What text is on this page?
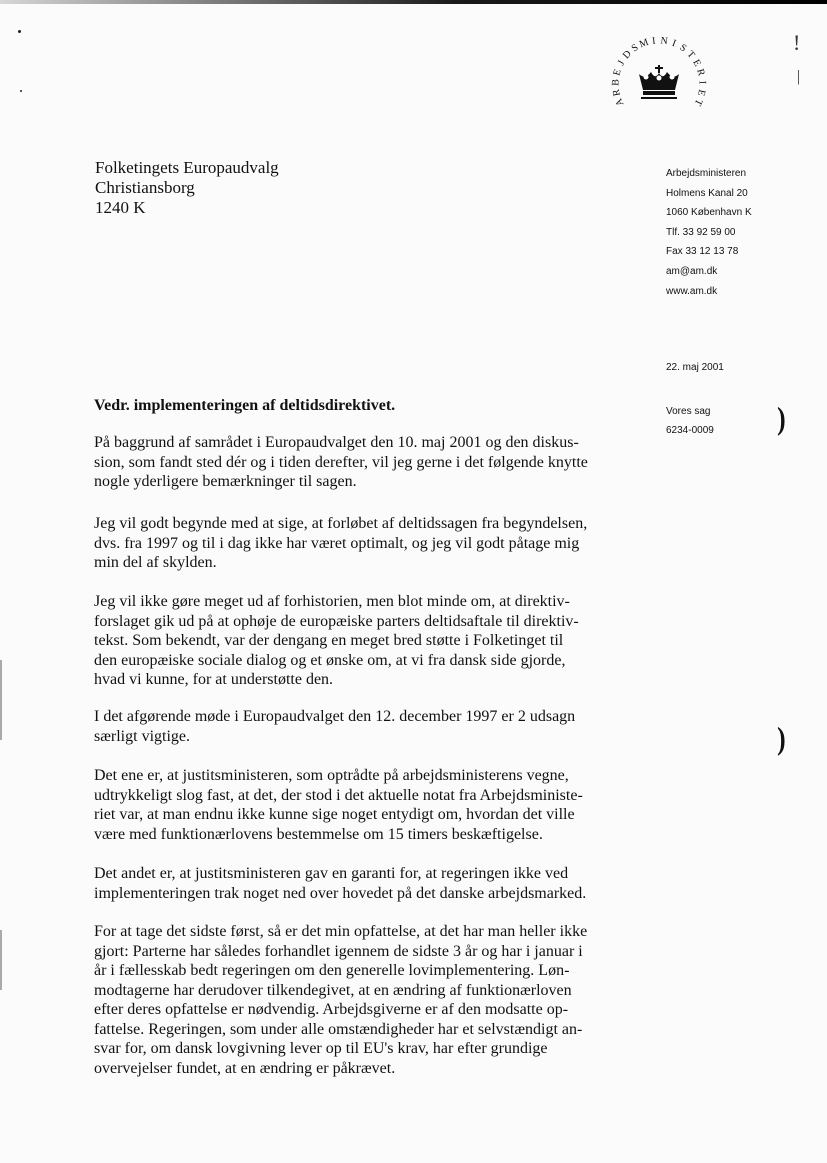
A
R
B
E
J
D
S
M I N I S
T
E
R
I
E
T
Folketingets Europaudvalg
Christiansborg
1240 K
Arbejdsministeren
Holmens Kanal 20
1060 København K
Tlf. 33 92 59 00
Fax 33 12 13 78
am@am.dk
www.am.dk
22. maj 2001
Vores sag
6234-0009
Vedr. implementeringen af deltidsdirektivet.
På baggrund af samrådet i Europaudvalget den 10. maj 2001 og den diskus-
sion, som fandt sted dér og i tiden derefter, vil jeg gerne i det følgende knytte
nogle yderligere bemærkninger til sagen.
Jeg vil godt begynde med at sige, at forløbet af deltidssagen fra begyndelsen,
dvs. fra 1997 og til i dag ikke har været optimalt, og jeg vil godt påtage mig
min del af skylden.
Jeg vil ikke gøre meget ud af forhistorien, men blot minde om, at direktiv-
forslaget gik ud på at ophøje de europæiske parters deltidsaftale til direktiv-
tekst. Som bekendt, var der dengang en meget bred støtte i Folketinget til
den europæiske sociale dialog og et ønske om, at vi fra dansk side gjorde,
hvad vi kunne, for at understøtte den.
I det afgørende møde i Europaudvalget den 12. december 1997 er 2 udsagn
særligt vigtige.
Det ene er, at justitsministeren, som optrådte på arbejdsministerens vegne,
udtrykkeligt slog fast, at det, der stod i det aktuelle notat fra Arbejdsministe-
riet var, at man endnu ikke kunne sige noget entydigt om, hvordan det ville
være med funktionærlovens bestemmelse om 15 timers beskæftigelse.
Det andet er, at justitsministeren gav en garanti for, at regeringen ikke ved
implementeringen trak noget ned over hovedet på det danske arbejdsmarked.
For at tage det sidste først, så er det min opfattelse, at det har man heller ikke
gjort: Parterne har således forhandlet igennem de sidste 3 år og har i januar i
år i fællesskab bedt regeringen om den generelle lovimplementering. Løn-
modtagerne har derudover tilkendegivet, at en ændring af funktionærloven
efter deres opfattelse er nødvendig. Arbejdsgiverne er af den modsatte op-
fattelse. Regeringen, som under alle omstændigheder har et selvstændigt an-
svar for, om dansk lovgivning lever op til EU's krav, har efter grundige
overvejelser fundet, at en ændring er påkrævet.
)
)
!
|
